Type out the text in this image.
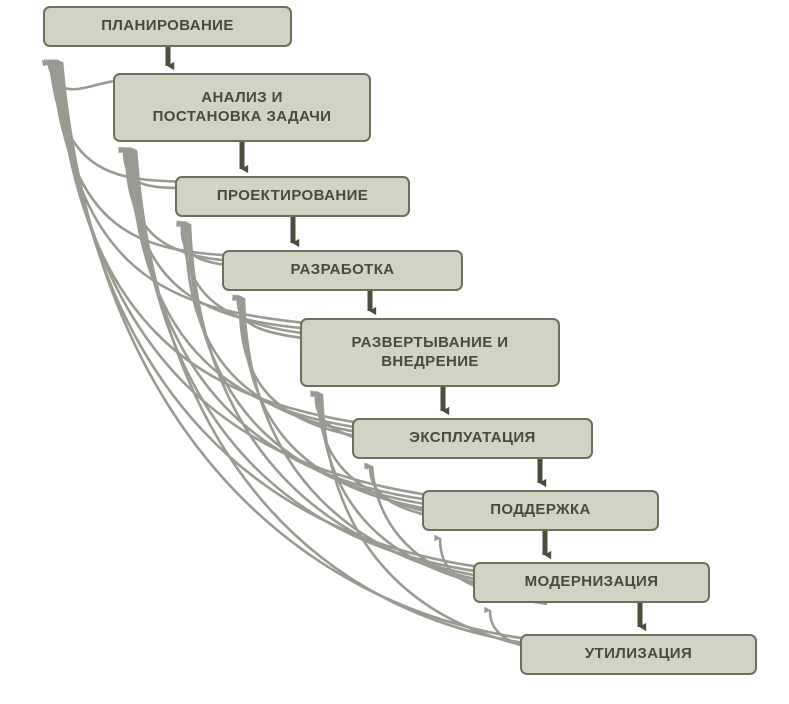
ПЛАНИРОВАНИЕ
АНАЛИЗ И
ПОСТАНОВКА ЗАДАЧИ
ПРОЕКТИРОВАНИЕ
РАЗРАБОТКА
РАЗВЕРТЫВАНИЕ И
ВНЕДРЕНИЕ
ЭКСПЛУАТАЦИЯ
ПОДДЕРЖКА
МОДЕРНИЗАЦИЯ
УТИЛИЗАЦИЯ
